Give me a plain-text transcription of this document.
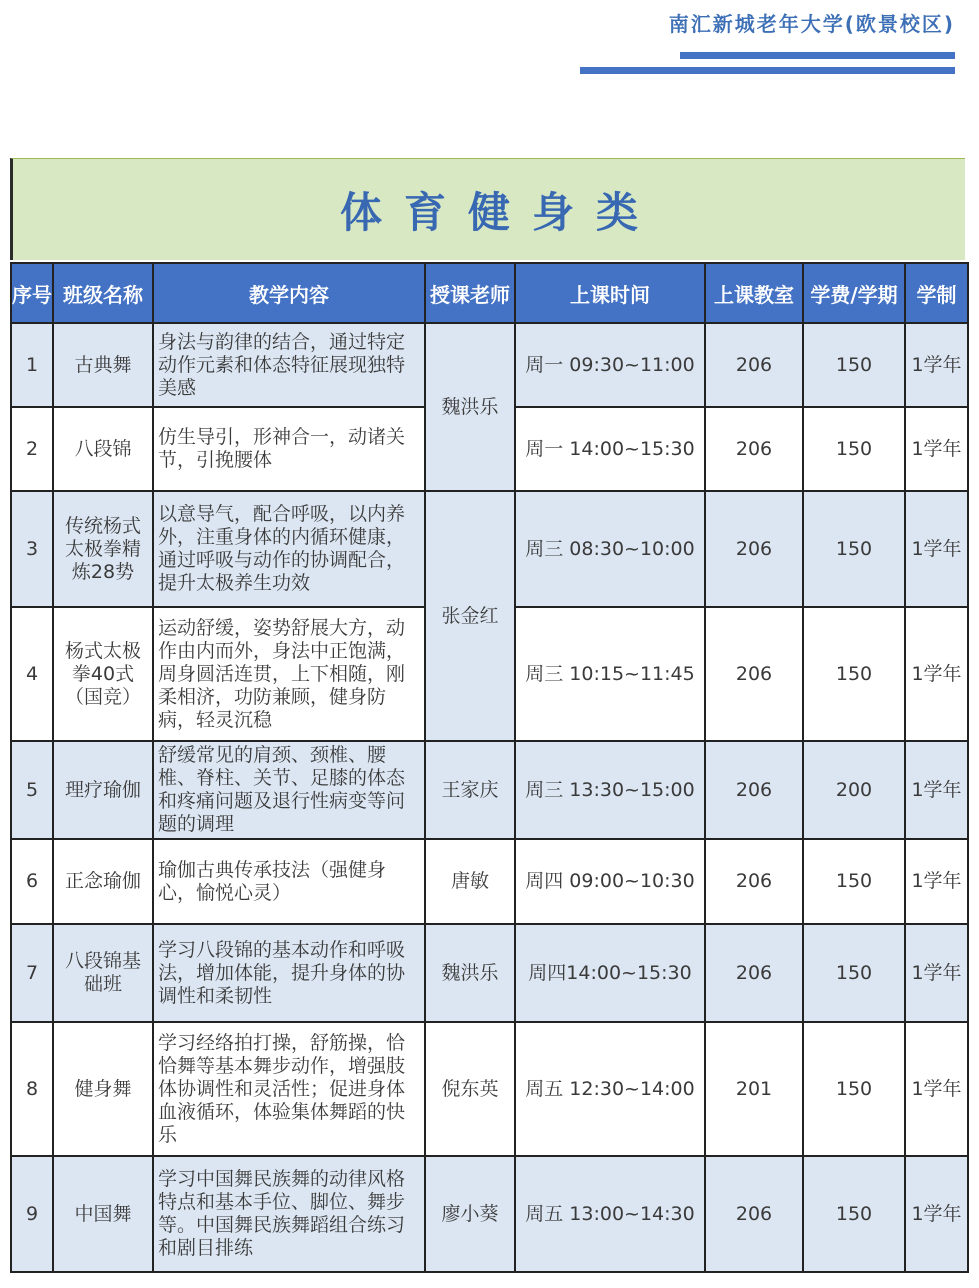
南汇新城老年大学(欧景校区)
体育健身类
序号	班级名称	教学内容	授课老师	上课时间	上课教室	学费/学期	学制
1	古典舞	身法与韵律的结合，通过特定动作元素和体态特征展现独特美感	魏洪乐	周一 09:30~11:00	206	150	1学年
2	八段锦	仿生导引，形神合一，动诸关节，引挽腰体		周一 14:00~15:30	206	150	1学年
3	传统杨式太极拳精炼28势	以意导气，配合呼吸，以内养外，注重身体的内循环健康，通过呼吸与动作的协调配合，提升太极养生功效	张金红	周三 08:30~10:00	206	150	1学年
4	杨式太极拳40式（国竞）	运动舒缓，姿势舒展大方，动作由内而外，身法中正饱满，周身圆活连贯，上下相随，刚柔相济，功防兼顾，健身防病，轻灵沉稳		周三 10:15~11:45	206	150	1学年
5	理疗瑜伽	舒缓常见的肩颈、颈椎、腰椎、脊柱、关节、足膝的体态和疼痛问题及退行性病变等问题的调理	王家庆	周三 13:30~15:00	206	200	1学年
6	正念瑜伽	瑜伽古典传承技法（强健身心，愉悦心灵）	唐敏	周四 09:00~10:30	206	150	1学年
7	八段锦基础班	学习八段锦的基本动作和呼吸法，增加体能，提升身体的协调性和柔韧性	魏洪乐	周四14:00~15:30	206	150	1学年
8	健身舞	学习经络拍打操，舒筋操，恰恰舞等基本舞步动作，增强肢体协调性和灵活性；促进身体血液循环，体验集体舞蹈的快乐	倪东英	周五 12:30~14:00	201	150	1学年
9	中国舞	学习中国舞民族舞的动律风格特点和基本手位、脚位、舞步等。中国舞民族舞蹈组合练习和剧目排练	廖小葵	周五 13:00~14:30	206	150	1学年
